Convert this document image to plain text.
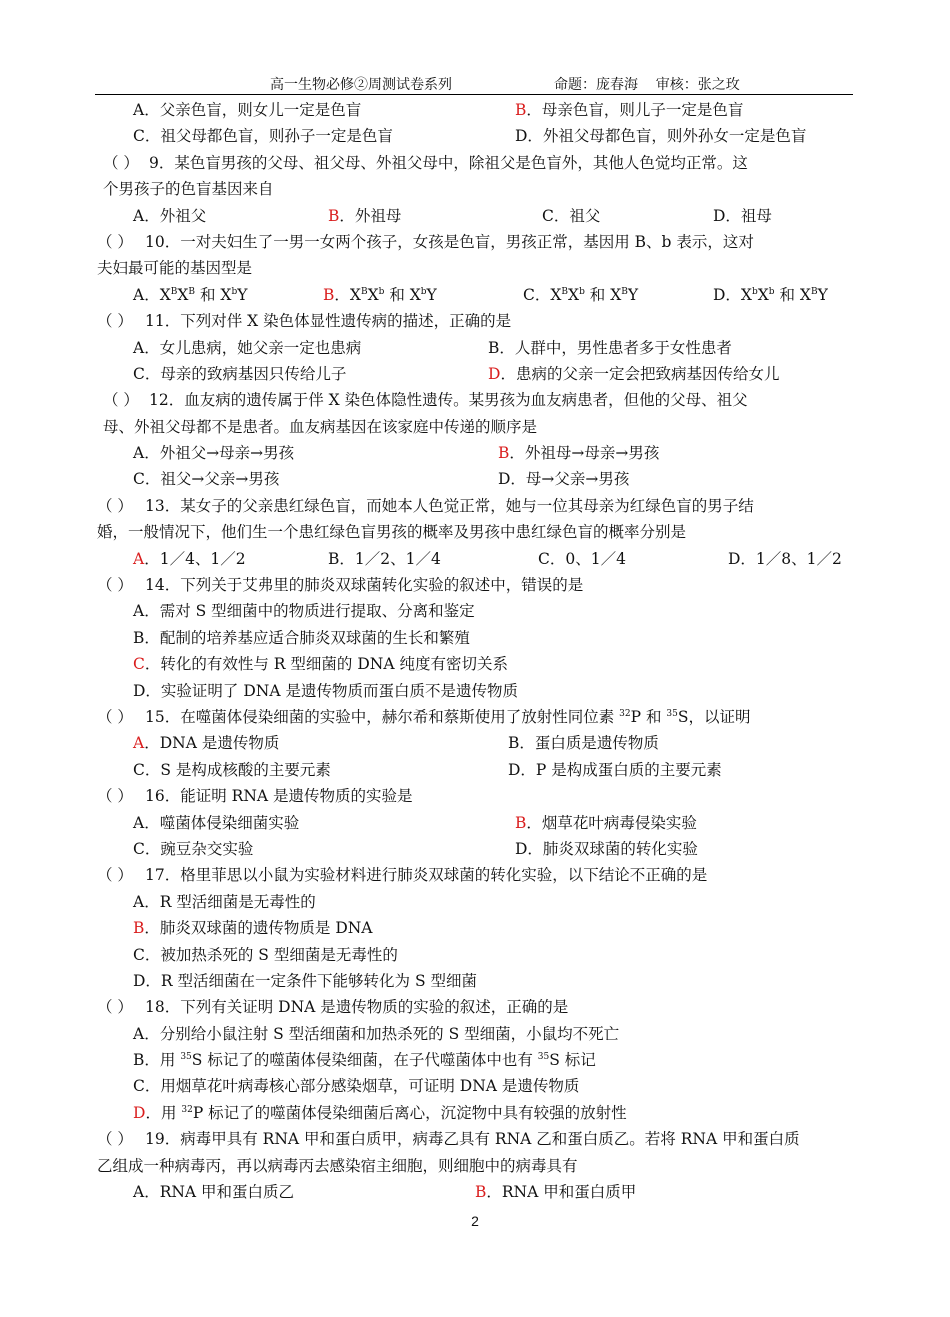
高一生物必修②周测试卷系列	命题：庞春海    审核：张之玫
A．父亲色盲，则女儿一定是色盲	B．母亲色盲，则儿子一定是色盲
C．祖父母都色盲，则孙子一定是色盲	D．外祖父母都色盲，则外孙女一定是色盲
（ ） 9．某色盲男孩的父母、祖父母、外祖父母中，除祖父是色盲外，其他人色觉均正常。这
个男孩子的色盲基因来自
A．外祖父	B．外祖母	C．祖父	D．祖母
（ ） 10．一对夫妇生了一男一女两个孩子，女孩是色盲，男孩正常，基因用 B、b 表示，这对
夫妇最可能的基因型是
A．$X^BX^B$ 和 $X^bY$	B．$X^BX^b$ 和 $X^bY$	C．$X^BX^b$ 和 $X^BY$	D．$X^bX^b$ 和 $X^BY$
（ ） 11．下列对伴 X 染色体显性遗传病的描述，正确的是
A．女儿患病，她父亲一定也患病	B．人群中，男性患者多于女性患者
C．母亲的致病基因只传给儿子	D．患病的父亲一定会把致病基因传给女儿
（ ） 12．血友病的遗传属于伴 X 染色体隐性遗传。某男孩为血友病患者，但他的父母、祖父
母、外祖父母都不是患者。血友病基因在该家庭中传递的顺序是
A．外祖父→母亲→男孩	B．外祖母→母亲→男孩
C．祖父→父亲→男孩	D．母→父亲→男孩
（ ） 13．某女子的父亲患红绿色盲，而她本人色觉正常，她与一位其母亲为红绿色盲的男子结
婚，一般情况下，他们生一个患红绿色盲男孩的概率及男孩中患红绿色盲的概率分别是
A．1／4、1／2	B．1／2、1／4	C．0、1／4	D．1／8、1／2
（ ） 14．下列关于艾弗里的肺炎双球菌转化实验的叙述中，错误的是
A．需对 S 型细菌中的物质进行提取、分离和鉴定
B．配制的培养基应适合肺炎双球菌的生长和繁殖
C．转化的有效性与 R 型细菌的 DNA 纯度有密切关系
D．实验证明了 DNA 是遗传物质而蛋白质不是遗传物质
（ ） 15．在噬菌体侵染细菌的实验中，赫尔希和蔡斯使用了放射性同位素 $^{32}$P 和 $^{35}$S，以证明
A．DNA 是遗传物质	B．蛋白质是遗传物质
C．S 是构成核酸的主要元素	D．P 是构成蛋白质的主要元素
（ ） 16．能证明 RNA 是遗传物质的实验是
A．噬菌体侵染细菌实验	B．烟草花叶病毒侵染实验
C．豌豆杂交实验	D．肺炎双球菌的转化实验
（ ） 17．格里菲思以小鼠为实验材料进行肺炎双球菌的转化实验，以下结论不正确的是
A．R 型活细菌是无毒性的
B．肺炎双球菌的遗传物质是 DNA
C．被加热杀死的 S 型细菌是无毒性的
D．R 型活细菌在一定条件下能够转化为 S 型细菌
（ ） 18．下列有关证明 DNA 是遗传物质的实验的叙述，正确的是
A．分别给小鼠注射 S 型活细菌和加热杀死的 S 型细菌，小鼠均不死亡
B．用 $^{35}$S 标记了的噬菌体侵染细菌，在子代噬菌体中也有 $^{35}$S 标记
C．用烟草花叶病毒核心部分感染烟草，可证明 DNA 是遗传物质
D．用 $^{32}$P 标记了的噬菌体侵染细菌后离心，沉淀物中具有较强的放射性
（ ） 19．病毒甲具有 RNA 甲和蛋白质甲，病毒乙具有 RNA 乙和蛋白质乙。若将 RNA 甲和蛋白质
乙组成一种病毒丙，再以病毒丙去感染宿主细胞，则细胞中的病毒具有
A．RNA 甲和蛋白质乙	B．RNA 甲和蛋白质甲
2
